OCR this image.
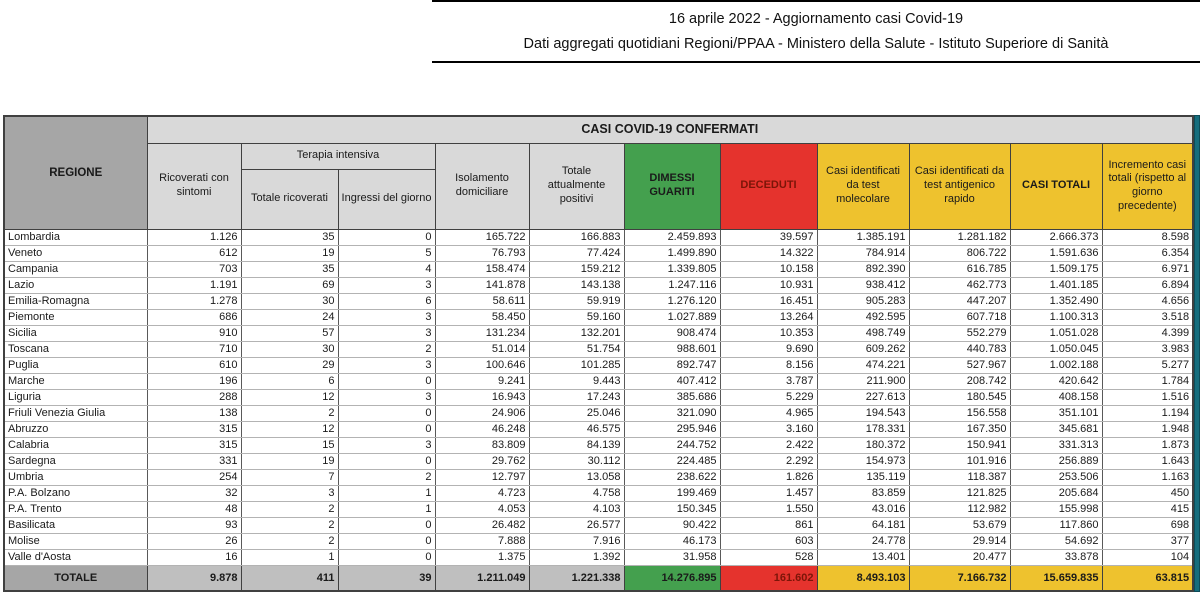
16 aprile 2022 - Aggiornamento casi Covid-19
Dati aggregati quotidiani Regioni/PPAA - Ministero della Salute - Istituto Superiore di Sanità
REGIONE	CASI COVID-19 CONFERMATI										
	Ricoverati con sintomi	Terapia intensiva		Isolamento domiciliare	Totale attualmente positivi	DIMESSI GUARITI	DECEDUTI	Casi identificati da test molecolare	Casi identificati da test antigenico rapido	CASI TOTALI	Incremento casi totali (rispetto al giorno precedente)
		Totale ricoverati	Ingressi del giorno								
Lombardia	1.126	35	0	165.722	166.883	2.459.893	39.597	1.385.191	1.281.182	2.666.373	8.598
Veneto	612	19	5	76.793	77.424	1.499.890	14.322	784.914	806.722	1.591.636	6.354
Campania	703	35	4	158.474	159.212	1.339.805	10.158	892.390	616.785	1.509.175	6.971
Lazio	1.191	69	3	141.878	143.138	1.247.116	10.931	938.412	462.773	1.401.185	6.894
Emilia-Romagna	1.278	30	6	58.611	59.919	1.276.120	16.451	905.283	447.207	1.352.490	4.656
Piemonte	686	24	3	58.450	59.160	1.027.889	13.264	492.595	607.718	1.100.313	3.518
Sicilia	910	57	3	131.234	132.201	908.474	10.353	498.749	552.279	1.051.028	4.399
Toscana	710	30	2	51.014	51.754	988.601	9.690	609.262	440.783	1.050.045	3.983
Puglia	610	29	3	100.646	101.285	892.747	8.156	474.221	527.967	1.002.188	5.277
Marche	196	6	0	9.241	9.443	407.412	3.787	211.900	208.742	420.642	1.784
Liguria	288	12	3	16.943	17.243	385.686	5.229	227.613	180.545	408.158	1.516
Friuli Venezia Giulia	138	2	0	24.906	25.046	321.090	4.965	194.543	156.558	351.101	1.194
Abruzzo	315	12	0	46.248	46.575	295.946	3.160	178.331	167.350	345.681	1.948
Calabria	315	15	3	83.809	84.139	244.752	2.422	180.372	150.941	331.313	1.873
Sardegna	331	19	0	29.762	30.112	224.485	2.292	154.973	101.916	256.889	1.643
Umbria	254	7	2	12.797	13.058	238.622	1.826	135.119	118.387	253.506	1.163
P.A. Bolzano	32	3	1	4.723	4.758	199.469	1.457	83.859	121.825	205.684	450
P.A. Trento	48	2	1	4.053	4.103	150.345	1.550	43.016	112.982	155.998	415
Basilicata	93	2	0	26.482	26.577	90.422	861	64.181	53.679	117.860	698
Molise	26	2	0	7.888	7.916	46.173	603	24.778	29.914	54.692	377
Valle d'Aosta	16	1	0	1.375	1.392	31.958	528	13.401	20.477	33.878	104
TOTALE	9.878	411	39	1.211.049	1.221.338	14.276.895	161.602	8.493.103	7.166.732	15.659.835	63.815
